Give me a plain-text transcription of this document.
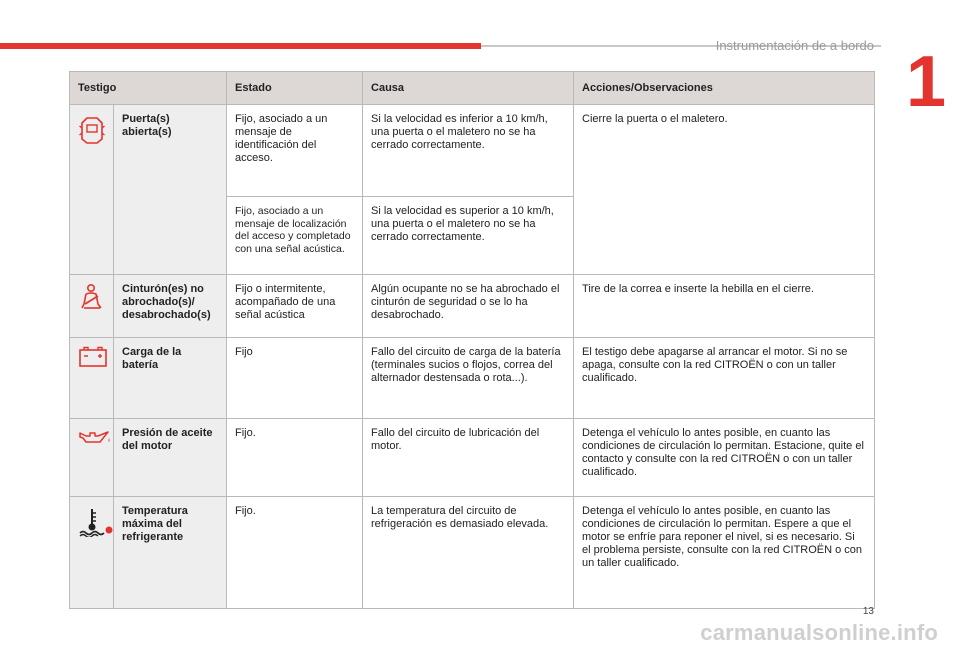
Instrumentación de a bordo 1
Testigo		Estado	Causa	Acciones/Observaciones
	Puerta(s) abierta(s)	Fijo, asociado a un mensaje de identificación del acceso.	Si la velocidad es inferior a 10 km/h, una puerta o el maletero no se ha cerrado correctamente.	Cierre la puerta o el maletero.
		Fijo, asociado a un mensaje de localización del acceso y completado con una señal acústica.	Si la velocidad es superior a 10 km/h, una puerta o el maletero no se ha cerrado correctamente.	
	Cinturón(es) no abrochado(s)/ desabrochado(s)	Fijo o intermitente, acompañado de una señal acústica	Algún ocupante no se ha abrochado el cinturón de seguridad o se lo ha desabrochado.	Tire de la correa e inserte la hebilla en el cierre.
	Carga de la batería	Fijo	Fallo del circuito de carga de la batería (terminales sucios o flojos, correa del alternador destensada o rota...).	El testigo debe apagarse al arrancar el motor. Si no se apaga, consulte con la red CITROËN o con un taller cualificado.
	Presión de aceite del motor	Fijo.	Fallo del circuito de lubricación del motor.	Detenga el vehículo lo antes posible, en cuanto las condiciones de circulación lo permitan. Estacione, quite el contacto y consulte con la red CITROËN o con un taller cualificado.
	Temperatura máxima del refrigerante	Fijo.	La temperatura del circuito de refrigeración es demasiado elevada.	Detenga el vehículo lo antes posible, en cuanto las condiciones de circulación lo permitan. Espere a que el motor se enfríe para reponer el nivel, si es necesario. Si el problema persiste, consulte con la red CITROËN o con un taller cualificado.
13
carmanualsonline.info
